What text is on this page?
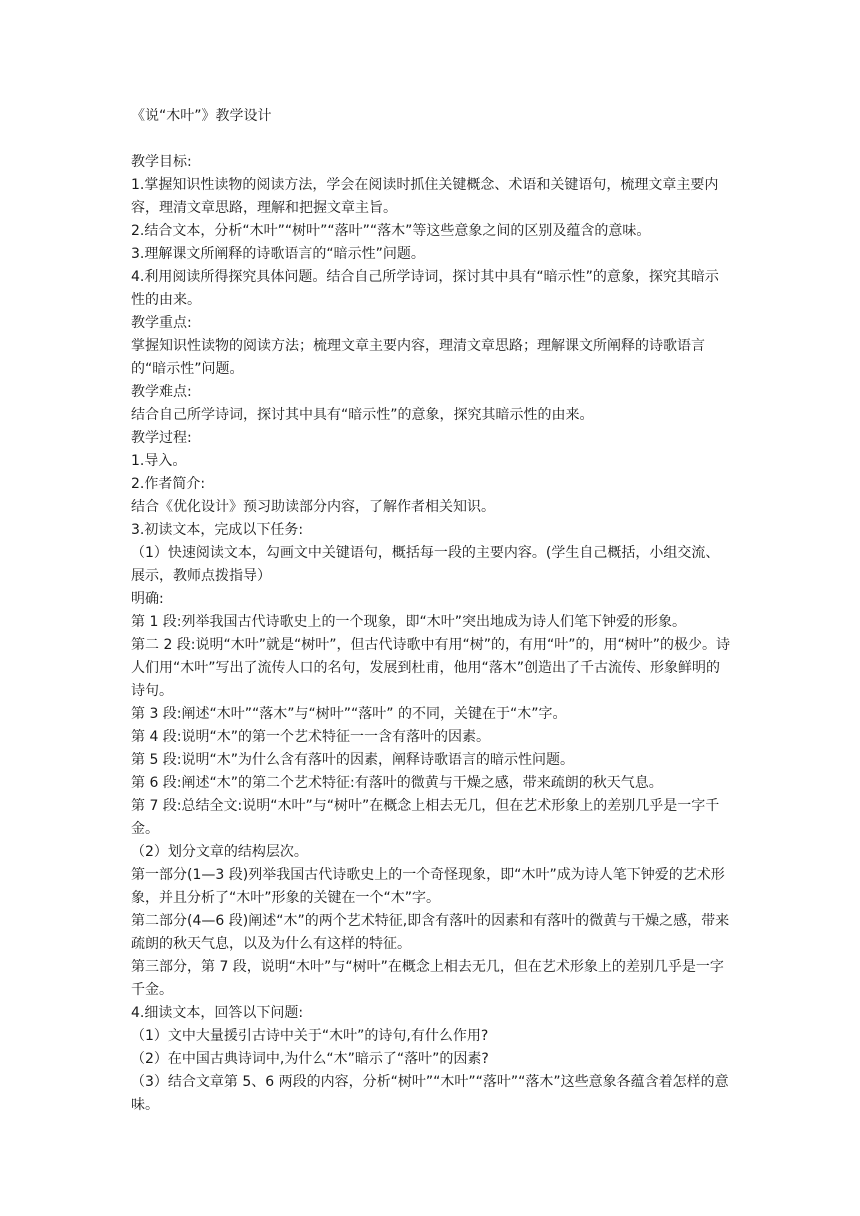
《说“木叶”》教学设计

教学目标:

1.掌握知识性读物的阅读方法，学会在阅读时抓住关键概念、术语和关键语句，梳理文章主要内容，理清文章思路，理解和把握文章主旨。

2.结合文本，分析“木叶”“树叶”“落叶”“落木”等这些意象之间的区别及蕴含的意味。

3.理解课文所阐释的诗歌语言的“暗示性”问题。

4.利用阅读所得探究具体问题。结合自己所学诗词，探讨其中具有“暗示性”的意象，探究其暗示性的由来。

教学重点:

掌握知识性读物的阅读方法；梳理文章主要内容，理清文章思路；理解课文所阐释的诗歌语言的“暗示性”问题。

教学难点:

结合自己所学诗词，探讨其中具有“暗示性”的意象，探究其暗示性的由来。

教学过程:

1.导入。

2.作者简介:

结合《优化设计》预习助读部分内容，了解作者相关知识。

3.初读文本，完成以下任务:

（1）快速阅读文本，勾画文中关键语句，概括每一段的主要内容。(学生自己概括，小组交流、展示，教师点拨指导）

明确:

第 1 段:列举我国古代诗歌史上的一个现象，即“木叶”突出地成为诗人们笔下钟爱的形象。

第二 2 段:说明“木叶”就是“树叶”，但古代诗歌中有用“树”的，有用“叶”的，用“树叶”的极少。诗人们用“木叶”写出了流传人口的名句，发展到杜甫，他用“落木”创造出了千古流传、形象鲜明的诗句。

第 3 段:阐述“木叶”“落木”与“树叶”“落叶” 的不同，关键在于“木”字。

第 4 段:说明“木”的第一个艺术特征一一含有落叶的因素。

第 5 段:说明“木”为什么含有落叶的因素，阐释诗歌语言的暗示性问题。

第 6 段:阐述“木”的第二个艺术特征:有落叶的微黄与干燥之感，带来疏朗的秋天气息。

第 7 段:总结全文:说明“木叶”与“树叶”在概念上相去无几，但在艺术形象上的差别几乎是一字千金。

（2）划分文章的结构层次。

第一部分(1—3 段)列举我国古代诗歌史上的一个奇怪现象，即“木叶”成为诗人笔下钟爱的艺术形象，并且分析了“木叶”形象的关键在一个“木”字。

第二部分(4—6 段)阐述“木”的两个艺术特征,即含有落叶的因素和有落叶的微黄与干燥之感，带来疏朗的秋天气息，以及为什么有这样的特征。

第三部分，第 7 段，说明“木叶”与“树叶”在概念上相去无几，但在艺术形象上的差别几乎是一字千金。

4.细读文本，回答以下问题:

（1）文中大量援引古诗中关于“木叶”的诗句,有什么作用?

（2）在中国古典诗词中,为什么“木”暗示了“落叶”的因素?

（3）结合文章第 5、6 两段的内容，分析“树叶”“木叶”“落叶”“落木”这些意象各蕴含着怎样的意味。
